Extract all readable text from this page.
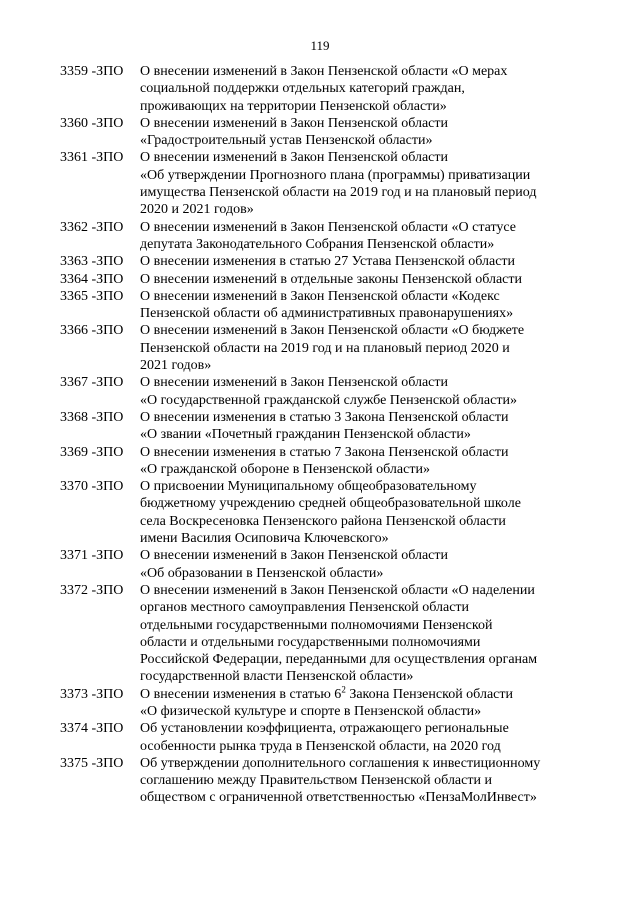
119
3359 -ЗПО	О внесении изменений в Закон Пензенской области «О мерах
социальной поддержки отдельных категорий граждан,
проживающих на территории Пензенской области»
3360 -ЗПО	О внесении изменений в Закон Пензенской области
«Градостроительный устав Пензенской области»
3361 -ЗПО	О внесении изменений в Закон Пензенской области
«Об утверждении Прогнозного плана (программы) приватизации
имущества Пензенской области на 2019 год и на плановый период
2020 и 2021 годов»
3362 -ЗПО	О внесении изменений в Закон Пензенской области «О статусе
депутата Законодательного Собрания Пензенской области»
3363 -ЗПО	О внесении изменения в статью 27 Устава Пензенской области
3364 -ЗПО	О внесении изменений в отдельные законы Пензенской области
3365 -ЗПО	О внесении изменений в Закон Пензенской области «Кодекс
Пензенской области об административных правонарушениях»
3366 -ЗПО	О внесении изменений в Закон Пензенской области «О бюджете
Пензенской области на 2019 год и на плановый период 2020 и
2021 годов»
3367 -ЗПО	О внесении изменений в Закон Пензенской области
«О государственной гражданской службе Пензенской области»
3368 -ЗПО	О внесении изменения в статью 3 Закона Пензенской области
«О звании «Почетный гражданин Пензенской области»
3369 -ЗПО	О внесении изменения в статью 7 Закона Пензенской области
«О гражданской обороне в Пензенской области»
3370 -ЗПО	О присвоении Муниципальному общеобразовательному
бюджетному учреждению средней общеобразовательной школе
села Воскресеновка Пензенского района Пензенской области
имени Василия Осиповича Ключевского»
3371 -ЗПО	О внесении изменений в Закон Пензенской области
«Об образовании в Пензенской области»
3372 -ЗПО	О внесении изменений в Закон Пензенской области «О наделении
органов местного самоуправления Пензенской области
отдельными государственными полномочиями Пензенской
области и отдельными государственными полномочиями
Российской Федерации, переданными для осуществления органам
государственной власти Пензенской области»
3373 -ЗПО	О внесении изменения в статью $6^2$ Закона Пензенской области
«О физической культуре и спорте в Пензенской области»
3374 -ЗПО	Об установлении коэффициента, отражающего региональные
особенности рынка труда в Пензенской области, на 2020 год
3375 -ЗПО	Об утверждении дополнительного соглашения к инвестиционному
соглашению между Правительством Пензенской области и
обществом с ограниченной ответственностью «ПензаМолИнвест»
